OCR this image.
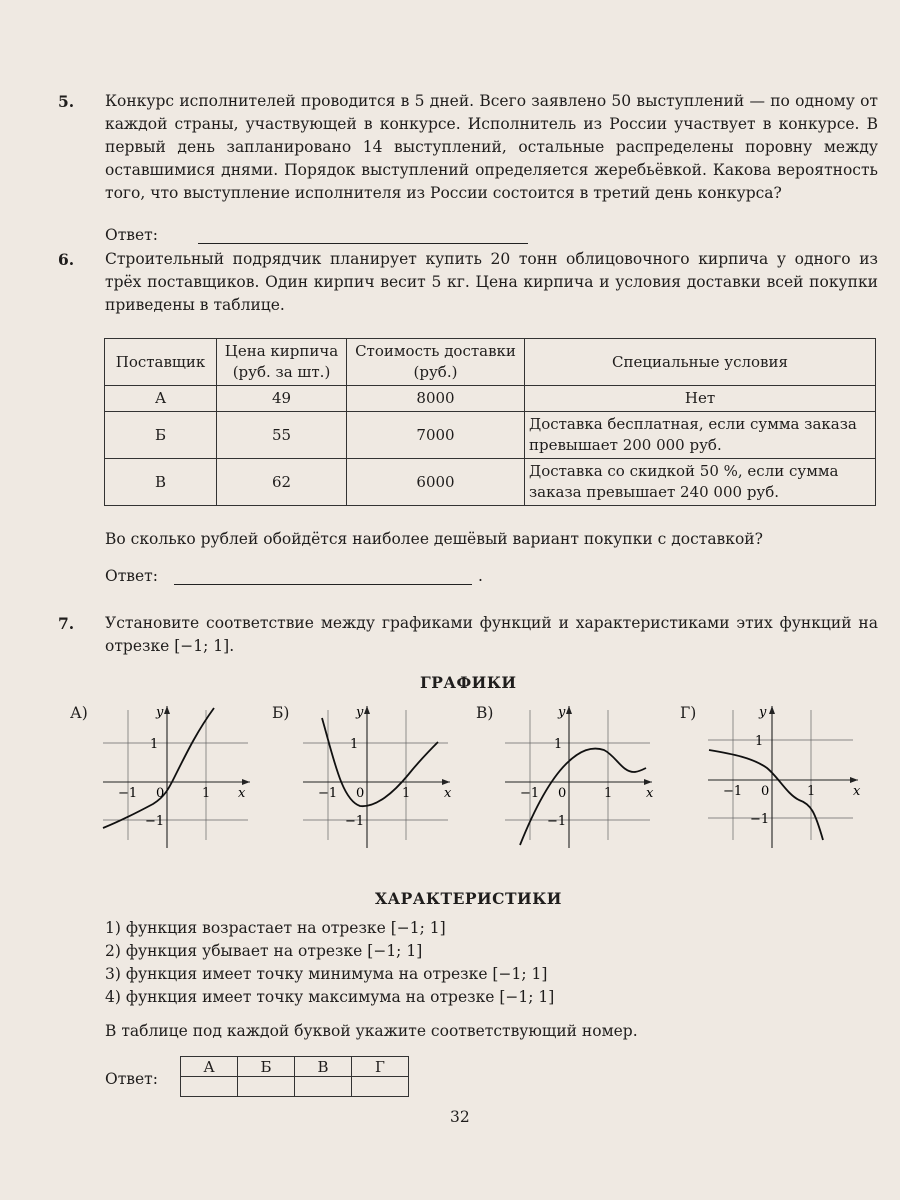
5. Конкурс исполнителей проводится в 5 дней. Всего заявлено 50 выступлений — по одному от каждой страны, участвующей в конкурсе. Исполнитель из России участвует в конкурсе. В первый день запланировано 14 выступлений, остальные распределены поровну между оставшимися днями. Порядок выступлений определяется жеребьёвкой. Какова вероятность того, что выступление исполнителя из России состоится в третий день конкурса?
Ответ:
6. Строительный подрядчик планирует купить 20 тонн облицовочного кирпича у одного из трёх поставщиков. Один кирпич весит 5 кг. Цена кирпича и условия доставки всей покупки приведены в таблице.
Поставщик	Цена кирпича (руб. за шт.)	Стоимость доставки (руб.)	Специальные условия
А	49	8000	Нет
Б	55	7000	Доставка бесплатная, если сумма заказа превышает 200 000 руб.
В	62	6000	Доставка со скидкой 50 %, если сумма заказа превышает 240 000 руб.
Во сколько рублей обойдётся наиболее дешёвый вариант покупки с доставкой?
Ответ:	.
7. Установите соответствие между графиками функций и характеристиками этих функций на отрезке [−1; 1].
ГРАФИКИ
А)	Б)	В)	Г)
y
x
1
−1
−1 0	1
y
x
1
−1
−1 0	1
y
x
1
−1
−1 0	1
y
x
1
−1
−1 0	1
ХАРАКТЕРИСТИКИ
1) функция возрастает на отрезке [−1; 1]
2) функция убывает на отрезке [−1; 1]
3) функция имеет точку минимума на отрезке [−1; 1]
4) функция имеет точку максимума на отрезке [−1; 1]
В таблице под каждой буквой укажите соответствующий номер.
Ответ:
А	Б	В	Г

32
